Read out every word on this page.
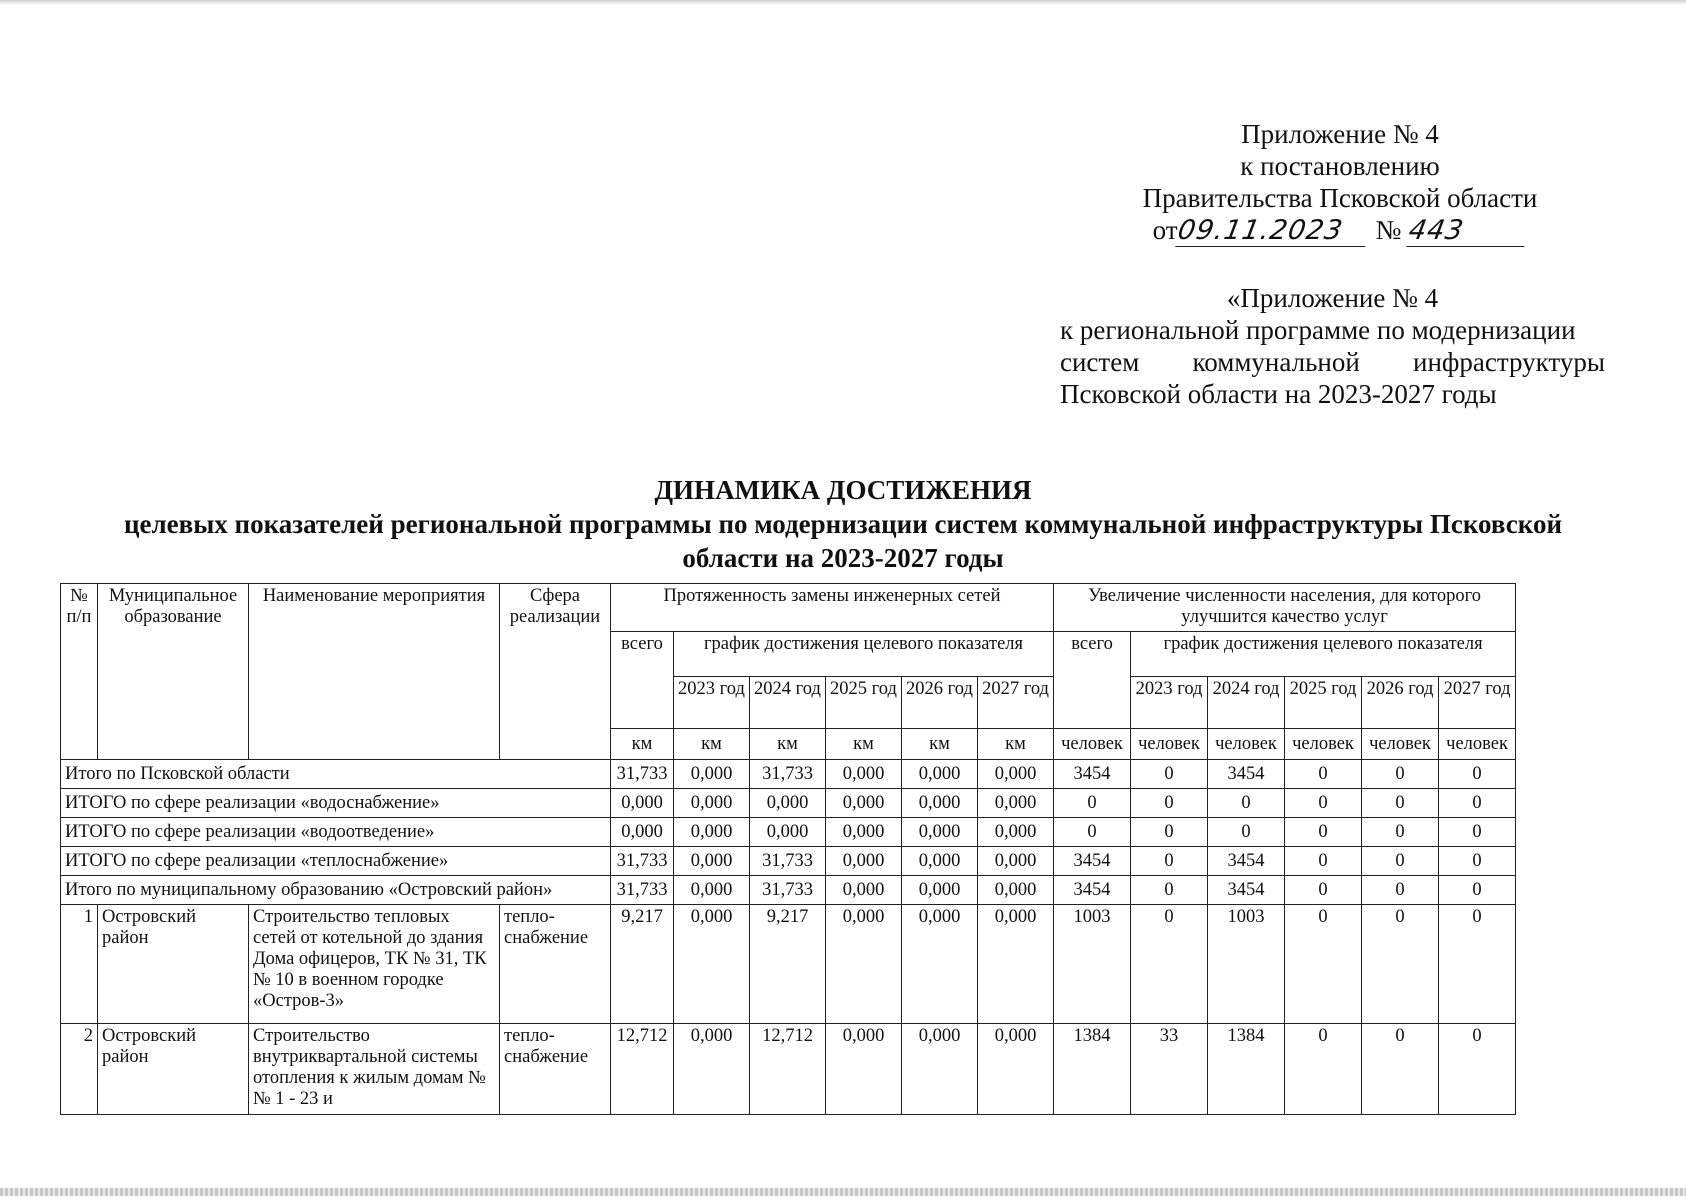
Приложение № 4
к постановлению
Правительства Псковской области
от
09.11.2023	№ 443
«Приложение № 4
к региональной программе по модернизации
систем коммунальной инфраструктуры
Псковской области на 2023-2027 годы
ДИНАМИКА ДОСТИЖЕНИЯ
целевых показателей региональной программы по модернизации систем коммунальной инфраструктуры Псковской
области на 2023-2027 годы
№ п/п	Муниципальное образование	Наименование мероприятия	Сфера реализации	Протяженность замены инженерных сетей						Увеличение численности населения, для которого улучшится качество услуг						
				всего	график достижения целевого показателя					всего	график достижения целевого показателя					
					2023 год	2024 год	2025 год	2026 год	2027 год		2023 год	2024 год	2025 год	2026 год	2027 год	
				км	км	км	км	км	км	человек	человек	человек	человек	человек	человек	
Итого по Псковской области				31,733	0,000	31,733	0,000	0,000	0,000	3454	0	3454	0	0	0	
ИТОГО по сфере реализации «водоснабжение»				0,000	0,000	0,000	0,000	0,000	0,000	0	0	0	0	0	0	
ИТОГО по сфере реализации «водоотведение»				0,000	0,000	0,000	0,000	0,000	0,000	0	0	0	0	0	0	
ИТОГО по сфере реализации «теплоснабжение»				31,733	0,000	31,733	0,000	0,000	0,000	3454	0	3454	0	0	0	
Итого по муниципальному образованию «Островский район»				31,733	0,000	31,733	0,000	0,000	0,000	3454	0	3454	0	0	0	
1	Островский район	Строительство тепловых сетей от котельной до здания Дома офицеров, ТК № 31, ТК № 10 в военном городке «Остров-3»	тепло-снабжение	9,217	0,000	9,217	0,000	0,000	0,000	1003	0	1003	0	0	0	
2	Островский район	Строительство внутриквартальной системы отопления к жилым домам №№ 1 - 23 и	тепло-снабжение	12,712	0,000	12,712	0,000	0,000	0,000	1384	33	1384	0	0	0	
